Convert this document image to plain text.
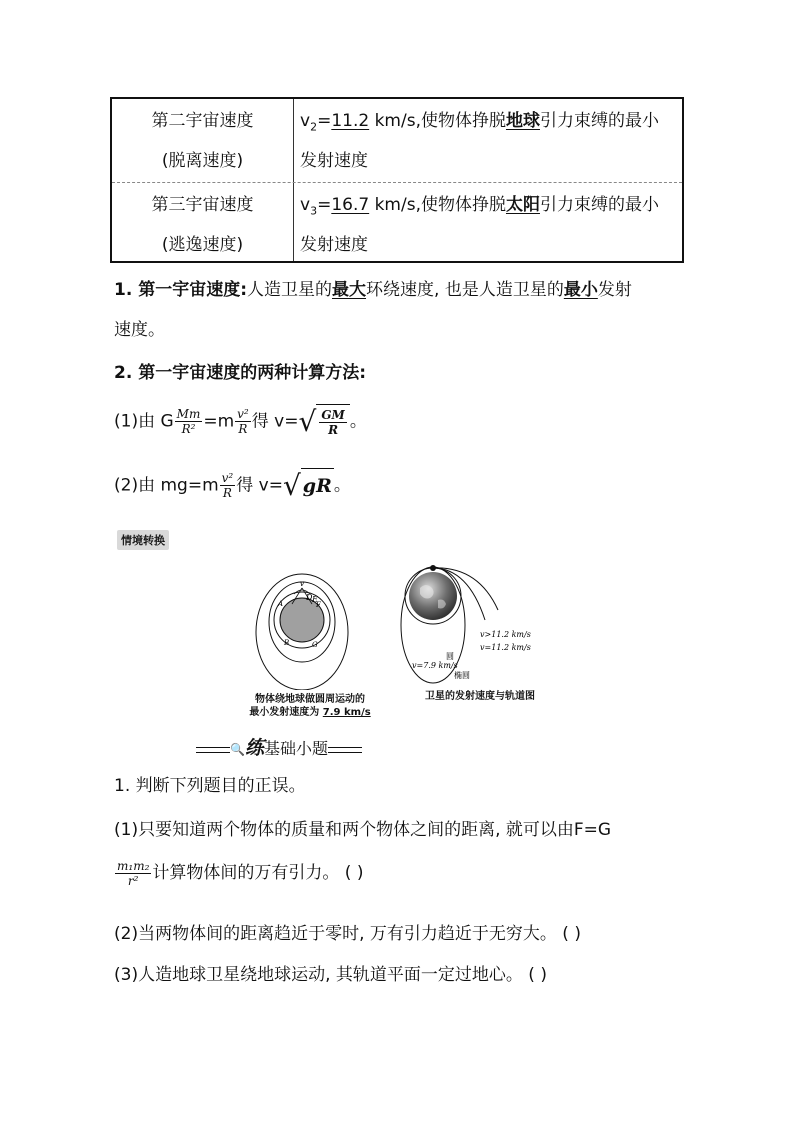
第二宇宙速度
(脱离速度)
$v_2=11.2$ km/s,使物体挣脱地球引力束缚的最小
发射速度
第三宇宙速度
(逃逸速度)
$v_3=16.7$ km/s,使物体挣脱太阳引力束缚的最小
发射速度
1. 第一宇宙速度:人造卫星的最大环绕速度, 也是人造卫星的最小发射
速度。
2. 第一宇宙速度的两种计算方法:
(1)由 G $\frac{Mm}{\text{R²}} =m \frac{\text{v²}}{R}$ 得 $v=√ \frac{GM}{R}$ 。
(2)由 $mg=m \frac{\text{v²}}{R}$ 得 v=√ gR 。
情境转换
v
A
D E
F
B	G
物体绕地球做圆周运动的
最小发射速度为 7.9 km/s
v>11.2 km/s
v=11.2 km/s
圆
v=7.9 km/s
椭圆
卫星的发射速度与轨道图
🔍练基础小题
1. 判断下列题目的正误。
(1)只要知道两个物体的质量和两个物体之间的距离, 就可以由F=G
$\frac{\text{m₁m₂}}{\text{r²}}$ 计算物体间的万有引力。 ( )
(2)当两物体间的距离趋近于零时, 万有引力趋近于无穷大。 ( )
(3)人造地球卫星绕地球运动, 其轨道平面一定过地心。 ( )
